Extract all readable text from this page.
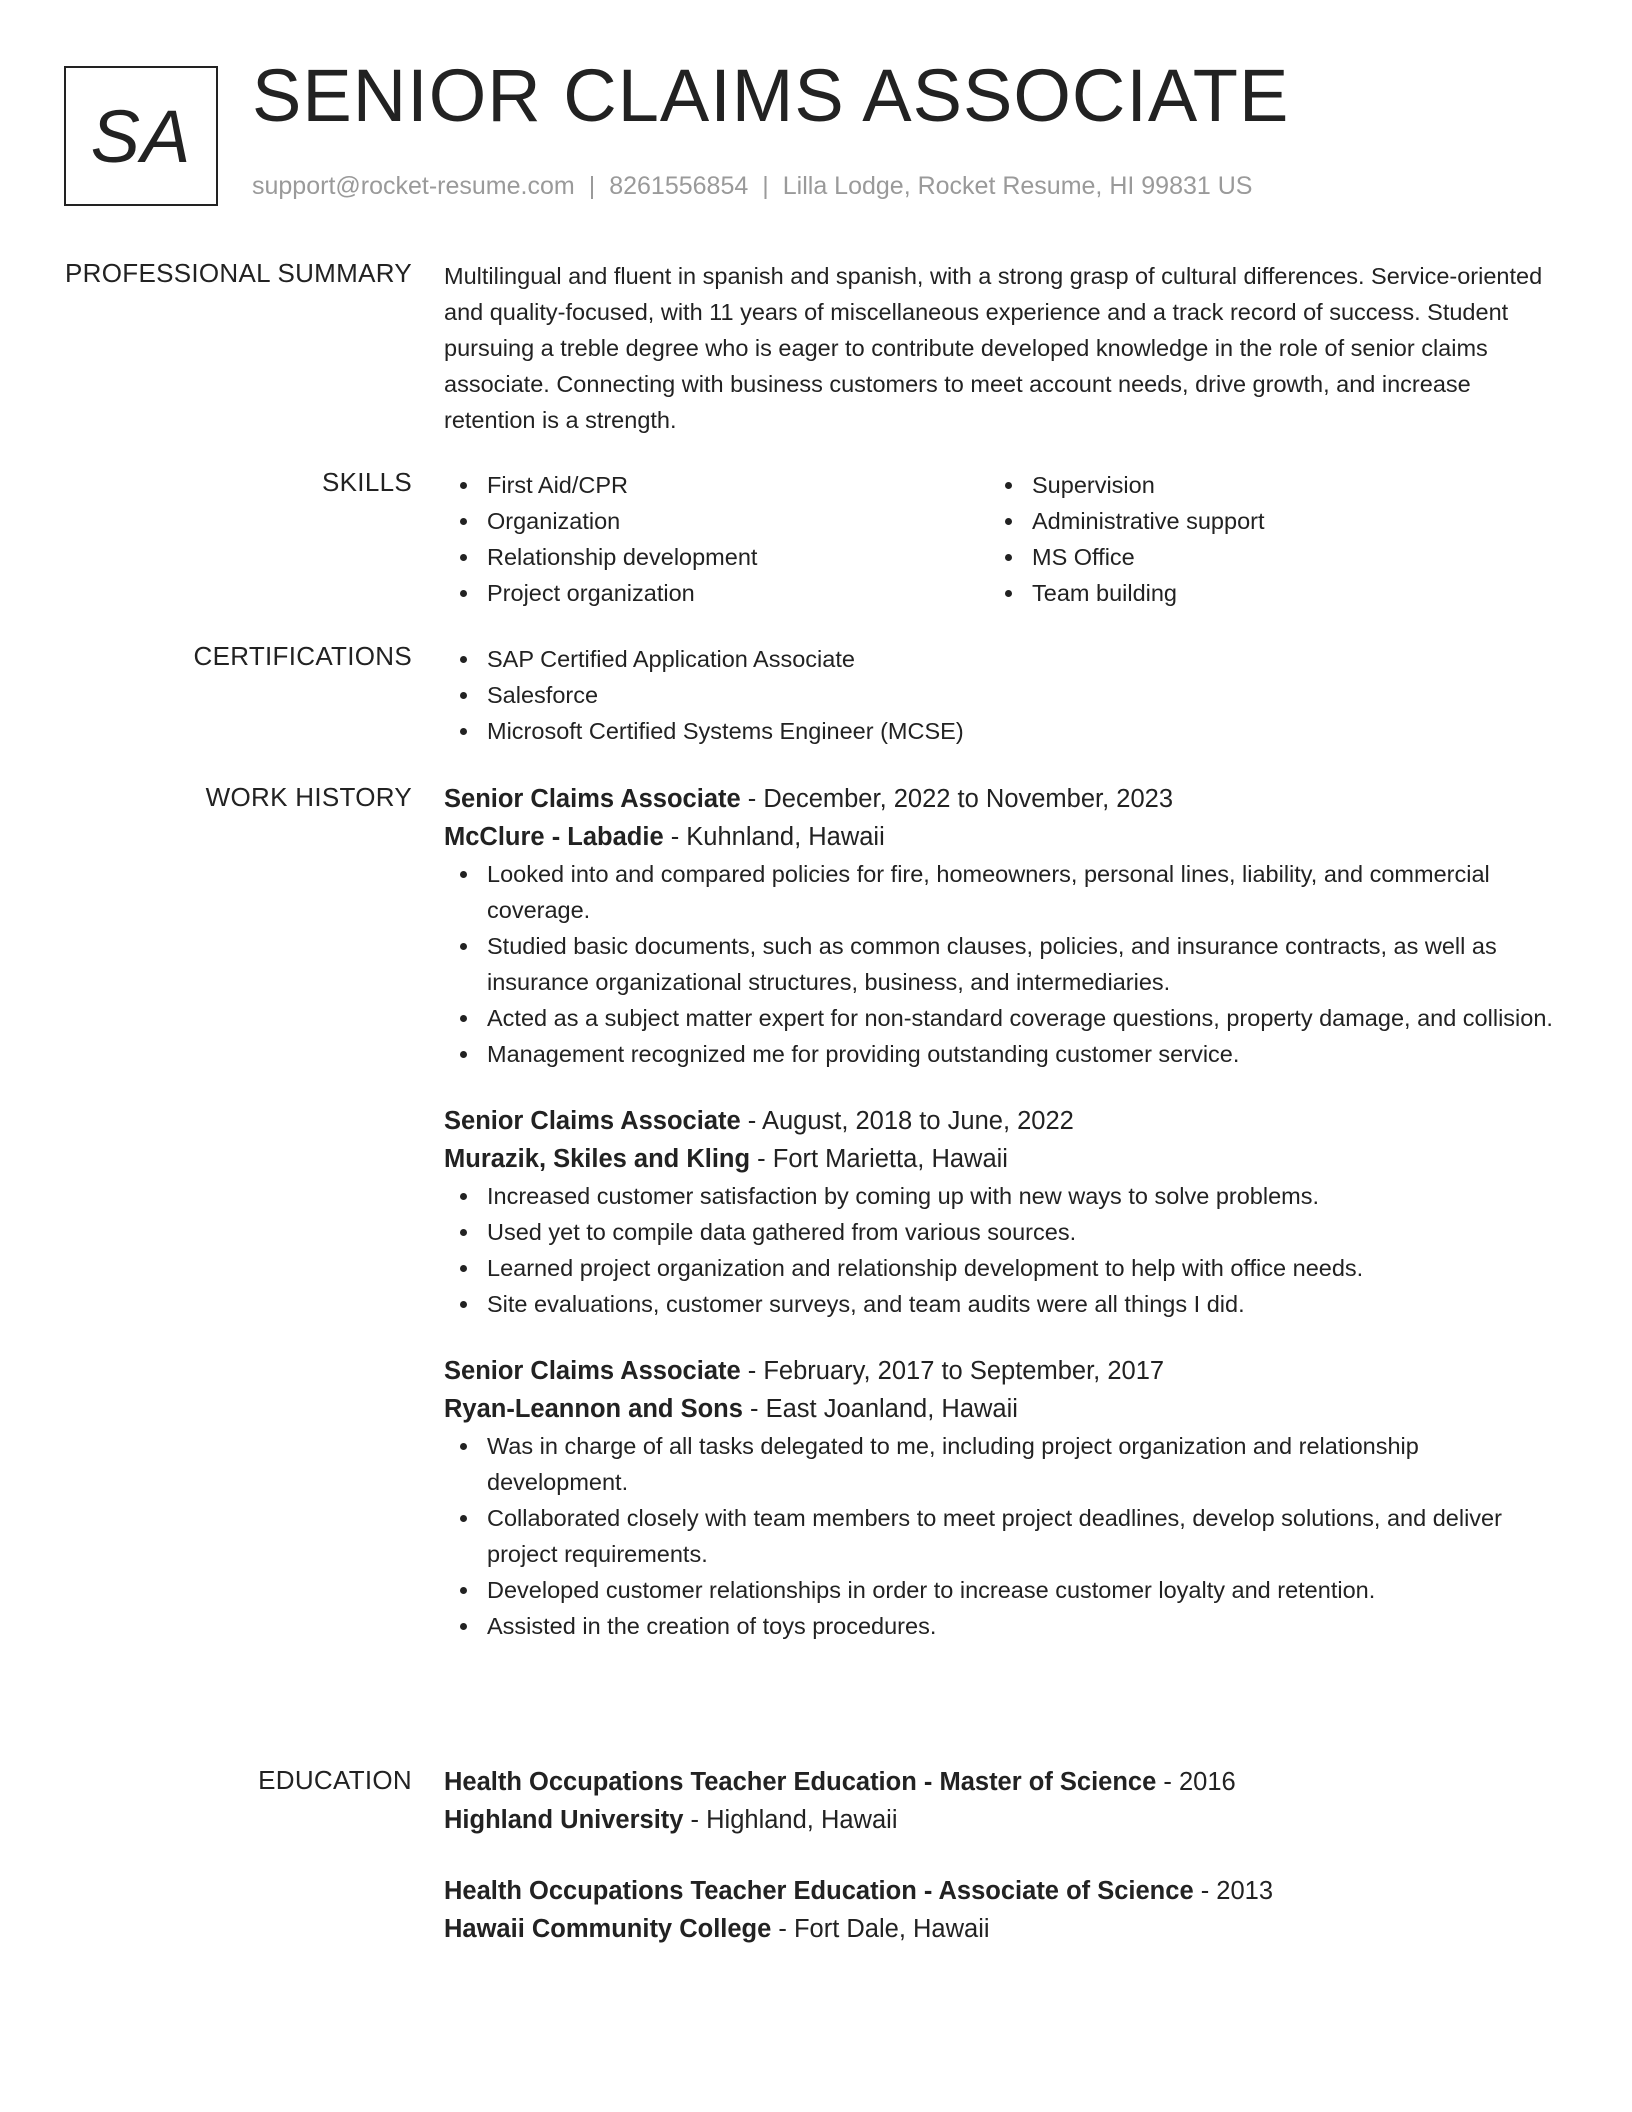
SA SENIOR CLAIMS ASSOCIATE
support@rocket-resume.com | 8261556854 | Lilla Lodge, Rocket Resume, HI 99831 US
PROFESSIONAL SUMMARY Multilingual and fluent in spanish and spanish, with a strong grasp of cultural differences. Service-oriented and quality-focused, with 11 years of miscellaneous experience and a track record of success. Student pursuing a treble degree who is eager to contribute developed knowledge in the role of senior claims associate. Connecting with business customers to meet account needs, drive growth, and increase retention is a strength.

SKILLS	First Aid/CPR
Organization
Relationship development
Project organization
Supervision
Administrative support
MS Office
Team building
CERTIFICATIONS	SAP Certified Application Associate
Salesforce
Microsoft Certified Systems Engineer (MCSE)
WORK HISTORY Senior Claims Associate - December, 2022 to November, 2023
McClure - Labadie - Kuhnland, Hawaii
Looked into and compared policies for fire, homeowners, personal lines, liability, and commercial coverage.
Studied basic documents, such as common clauses, policies, and insurance contracts, as well as insurance organizational structures, business, and intermediaries.
Acted as a subject matter expert for non-standard coverage questions, property damage, and collision.
Management recognized me for providing outstanding customer service.
Senior Claims Associate - August, 2018 to June, 2022
Murazik, Skiles and Kling - Fort Marietta, Hawaii
Increased customer satisfaction by coming up with new ways to solve problems.
Used yet to compile data gathered from various sources.
Learned project organization and relationship development to help with office needs.
Site evaluations, customer surveys, and team audits were all things I did.
Senior Claims Associate - February, 2017 to September, 2017
Ryan-Leannon and Sons - East Joanland, Hawaii
Was in charge of all tasks delegated to me, including project organization and relationship development.
Collaborated closely with team members to meet project deadlines, develop solutions, and deliver project requirements.
Developed customer relationships in order to increase customer loyalty and retention.
Assisted in the creation of toys procedures.
EDUCATION Health Occupations Teacher Education - Master of Science - 2016
Highland University - Highland, Hawaii
Health Occupations Teacher Education - Associate of Science - 2013
Hawaii Community College - Fort Dale, Hawaii
